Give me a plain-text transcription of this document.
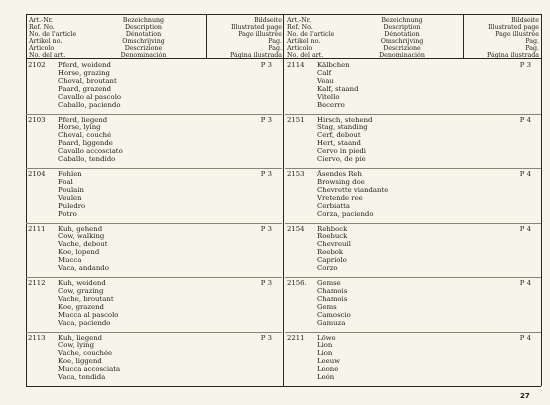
Art.-Nr.
Ref. No.
No. de l'article
Artikel no.
Articolo
No. del art.
Bezeichnung
Description
Dénotation
Omschrijving
Descrizione
Denominación
Bildseite
Illustrated page
Page illustrée
Pag.
Pag.
Página ilustrada
Art.-Nr.
Ref. No.
No. de l'article
Artikel no.
Articolo
No. del art.
Bezeichnung
Description
Dénotation
Omschrijving
Descrizione
Denominación
Bildseite
Illustrated page
Page illustrée
Pag.
Pag.
Página ilustrada
2102 Pferd, weidend
Horse, grazing
Cheval, broutant
Paard, grazend
Cavallo al pascolo
Caballo, paciendo
P 3
2103 Pferd, liegend
Horse, lying
Cheval, couché
Paard, liggende
Cavallo accosciato
Caballo, tendido
P 3
2104 Fohlen
Foal
Poulain
Veulen
Puledro
Potro
P 3
2111 Kuh, gehend
Cow, walking
Vache, debout
Koe, lopend
Mucca
Vaca, andando
P 3
2112 Kuh, weidend
Cow, grazing
Vache, broutant
Koe, grazend
Mucca al pascolo
Vaca, paciendo
P 3
2113 Kuh, liegend
Cow, lying
Vache, couchée
Koe, liggend
Mucca accosciata
Vaca, tendida
P 3
2114 Kälbchen
Calf
Veau
Kalf, staand
Vitello
Becerro
P 3
2151 Hirsch, stehend
Stag, standing
Cerf, debout
Hert, staand
Cervo in piedi
Ciervo, de pie
P 4
2153 Äsendes Reh
Browsing doe
Chevrette viandante
Vretende ree
Cerbiatta
Corza, paciendo
P 4
2154 Rehbock
Roebuck
Chevreuil
Reebok
Capriolo
Corzo
P 4
2156. Gemse
Chamois
Chamois
Gems
Camoscio
Gamuza
P 4
2211 Löwe
Lion
Lion
Leeuw
Leone
León
P 4
27
